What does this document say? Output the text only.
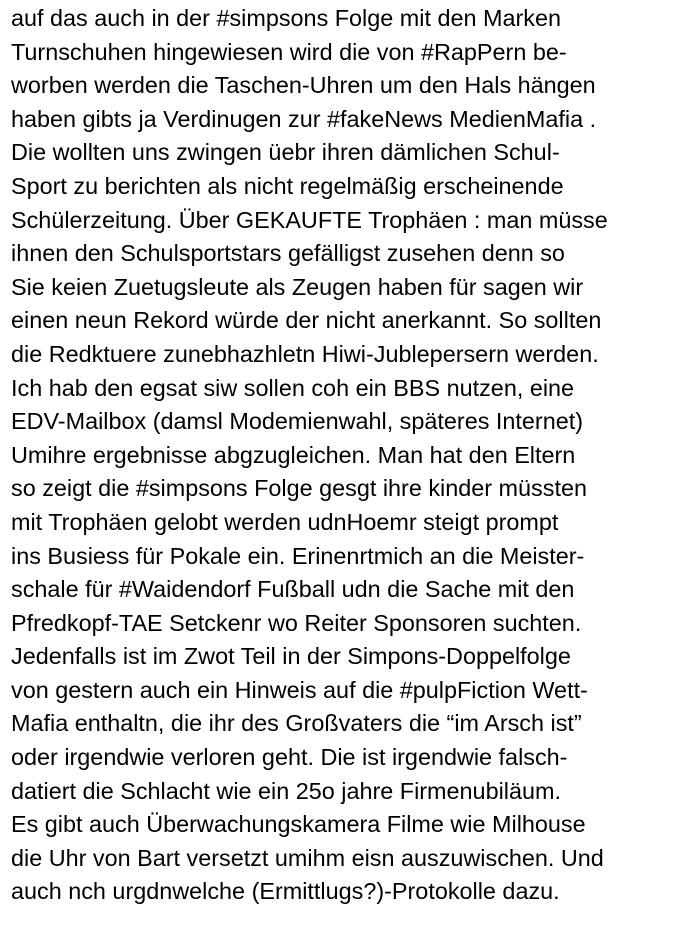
auf das auch in der #simpsons Folge mit den Marken
Turnschuhen hingewiesen wird die von #RapPern be-
worben werden die Taschen-Uhren um den Hals hängen
haben gibts ja Verdinugen zur #fakeNews MedienMafia .
Die wollten uns zwingen üebr ihren dämlichen Schul-
Sport zu berichten als nicht regelmäßig erscheinende
Schülerzeitung. Über GEKAUFTE Trophäen : man müsse
ihnen den Schulsportstars gefälligst zusehen denn so
Sie keien Zuetugsleute als Zeugen haben für sagen wir
einen neun Rekord würde der nicht anerkannt. So sollten
die Redktuere zunebhazhletn Hiwi-Jublepersern werden.
Ich hab den egsat siw sollen coh ein BBS nutzen, eine
EDV-Mailbox (damsl Modemienwahl, späteres Internet)
Umihre ergebnisse abgzugleichen. Man hat den Eltern
so zeigt die #simpsons Folge gesgt ihre kinder müssten
mit Trophäen gelobt werden udnHoemr steigt prompt
ins Busiess für Pokale ein. Erinenrtmich an die Meister-
schale für #Waidendorf Fußball udn die Sache mit den
Pfredkopf-TAE Setckenr wo Reiter Sponsoren suchten.
Jedenfalls ist im Zwot Teil in der Simpons-Doppelfolge
von gestern auch ein Hinweis auf die #pulpFiction Wett-
Mafia enthaltn, die ihr des Großvaters die “im Arsch ist”
oder irgendwie verloren geht. Die ist irgendwie falsch-
datiert die Schlacht wie ein 25o jahre Firmenubiläum.
Es gibt auch Überwachungskamera Filme wie Milhouse
die Uhr von Bart versetzt umihm eisn auszuwischen. Und
auch nch urgdnwelche (Ermittlugs?)-Protokolle dazu.
